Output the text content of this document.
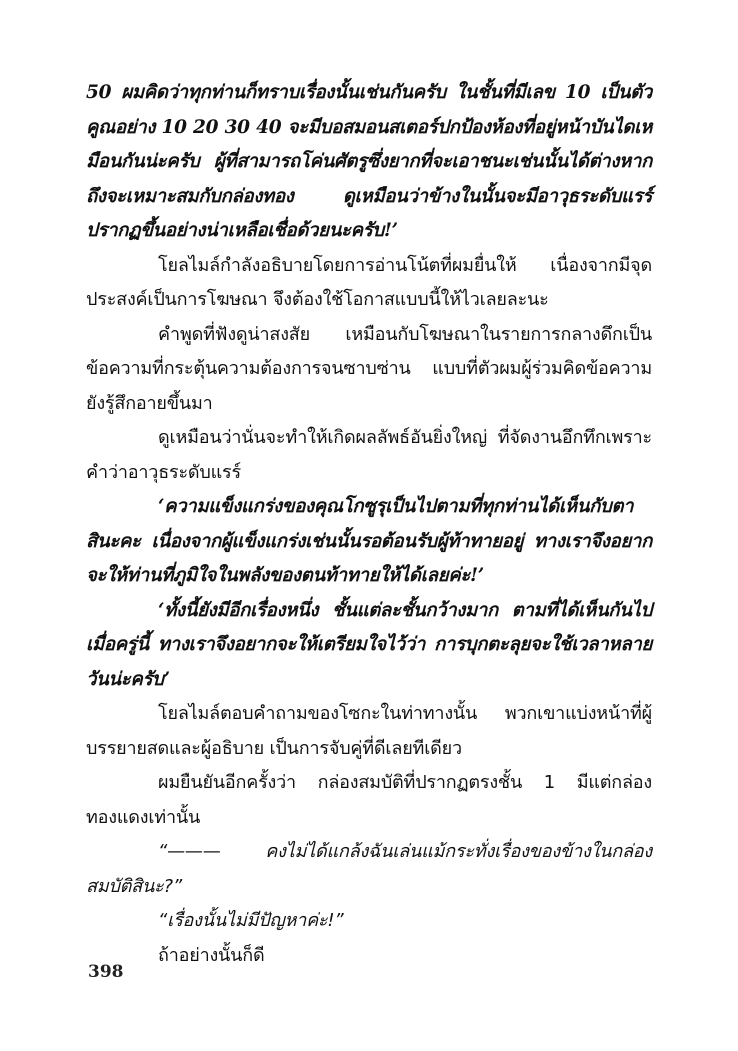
50 ผมคิดว่าทุกท่านก็ทราบเรื่องนั้นเช่นกันครับ ในชั้นที่มีเลข 10 เป็นตัวคูณอย่าง 10 20 30 40 จะมีบอสมอนสเตอร์ปกป้องห้องที่อยู่หน้าบันไดเหมือนกันน่ะครับ ผู้ที่สามารถโค่นศัตรูซึ่งยากที่จะเอาชนะเช่นนั้นได้ต่างหากถึงจะเหมาะสมกับกล่องทอง ดูเหมือนว่าข้างในนั้นจะมีอาวุธระดับแรร์ปรากฏขึ้นอย่างน่าเหลือเชื่อด้วยนะครับ!’

โยลไมล์กำลังอธิบายโดยการอ่านโน้ตที่ผมยื่นให้ เนื่องจากมีจุดประสงค์เป็นการโฆษณา จึงต้องใช้โอกาสแบบนี้ให้ไวเลยละนะ

คำพูดที่ฟังดูน่าสงสัย เหมือนกับโฆษณาในรายการกลางดึกเป็นข้อความที่กระตุ้นความต้องการจนซาบซ่าน แบบที่ตัวผมผู้ร่วมคิดข้อความยังรู้สึกอายขึ้นมา

ดูเหมือนว่านั่นจะทำให้เกิดผลลัพธ์อันยิ่งใหญ่ ที่จัดงานอึกทึกเพราะคำว่าอาวุธระดับแรร์

‘ความแข็งแกร่งของคุณโกซูรุเป็นไปตามที่ทุกท่านได้เห็นกับตาสินะคะ เนื่องจากผู้แข็งแกร่งเช่นนั้นรอต้อนรับผู้ท้าทายอยู่ ทางเราจึงอยากจะให้ท่านที่ภูมิใจในพลังของตนท้าทายให้ได้เลยค่ะ!’

‘ทั้งนี้ยังมีอีกเรื่องหนึ่ง ชั้นแต่ละชั้นกว้างมาก ตามที่ได้เห็นกันไปเมื่อครู่นี้ ทางเราจึงอยากจะให้เตรียมใจไว้ว่า การบุกตะลุยจะใช้เวลาหลายวันน่ะครับ’

โยลไมล์ตอบคำถามของโซกะในท่าทางนั้น พวกเขาแบ่งหน้าที่ผู้บรรยายสดและผู้อธิบาย เป็นการจับคู่ที่ดีเลยทีเดียว

ผมยืนยันอีกครั้งว่า กล่องสมบัติที่ปรากฏตรงชั้น 1 มีแต่กล่องทองแดงเท่านั้น

“——— คงไม่ได้แกล้งฉันเล่นแม้กระทั่งเรื่องของข้างในกล่องสมบัติสินะ?”

“เรื่องนั้นไม่มีปัญหาค่ะ!”

ถ้าอย่างนั้นก็ดี

398
